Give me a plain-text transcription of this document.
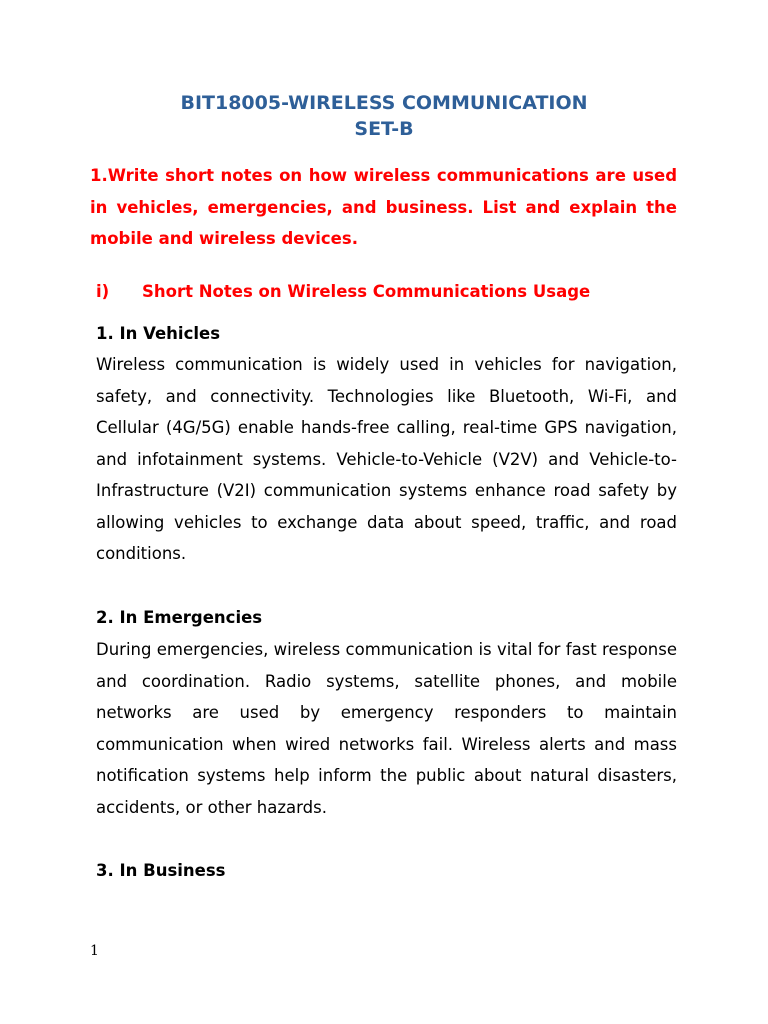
BIT18005-WIRELESS COMMUNICATION
SET-B

1.Write short notes on how wireless communications are used in vehicles, emergencies, and business. List and explain the mobile and wireless devices.

i) Short Notes on Wireless Communications Usage

1. In Vehicles

Wireless communication is widely used in vehicles for navigation, safety, and connectivity. Technologies like Bluetooth, Wi-Fi, and Cellular (4G/5G) enable hands-free calling, real-time GPS navigation, and infotainment systems. Vehicle-to-Vehicle (V2V) and Vehicle-to-Infrastructure (V2I) communication systems enhance road safety by allowing vehicles to exchange data about speed, traffic, and road conditions.

2. In Emergencies

During emergencies, wireless communication is vital for fast response and coordination. Radio systems, satellite phones, and mobile networks are used by emergency responders to maintain communication when wired networks fail. Wireless alerts and mass notification systems help inform the public about natural disasters, accidents, or other hazards.

3. In Business

1
